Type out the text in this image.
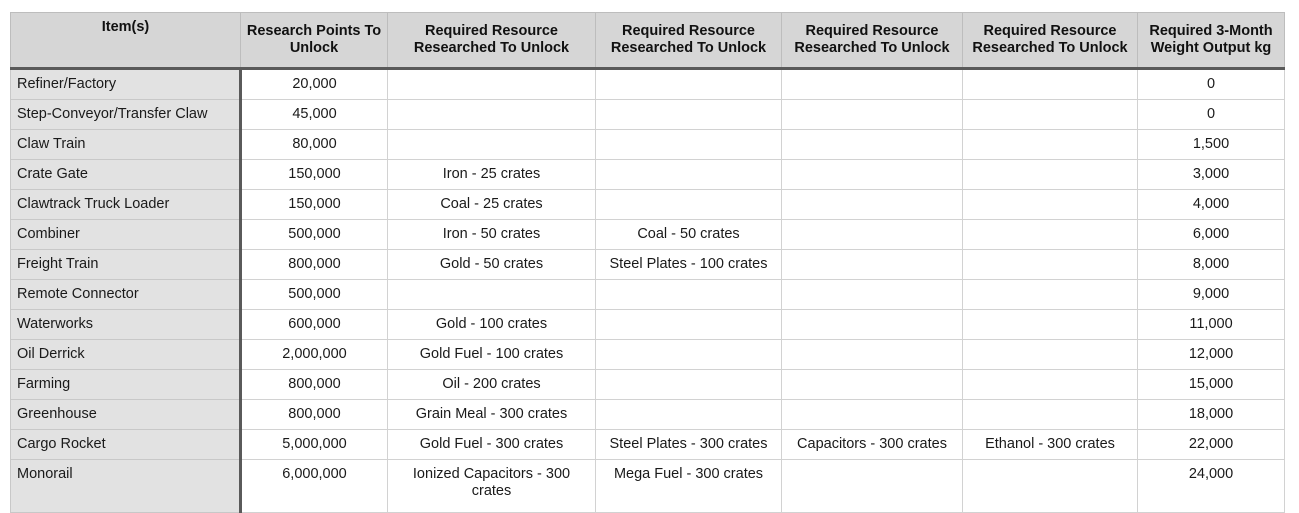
Item(s)	Research Points To Unlock	Required Resource Researched To Unlock	Required Resource Researched To Unlock	Required Resource Researched To Unlock	Required Resource Researched To Unlock	Required 3-Month Weight Output kg
Refiner/Factory	20,000					0
Step-Conveyor/Transfer Claw	45,000					0
Claw Train	80,000					1,500
Crate Gate	150,000	Iron - 25 crates				3,000
Clawtrack Truck Loader	150,000	Coal - 25 crates				4,000
Combiner	500,000	Iron - 50 crates	Coal - 50 crates			6,000
Freight Train	800,000	Gold - 50 crates	Steel Plates - 100 crates			8,000
Remote Connector	500,000					9,000
Waterworks	600,000	Gold - 100 crates				11,000
Oil Derrick	2,000,000	Gold Fuel - 100 crates				12,000
Farming	800,000	Oil - 200 crates				15,000
Greenhouse	800,000	Grain Meal - 300 crates				18,000
Cargo Rocket	5,000,000	Gold Fuel - 300 crates	Steel Plates - 300 crates	Capacitors - 300 crates	Ethanol - 300 crates	22,000
Monorail	6,000,000	Ionized Capacitors - 300 crates	Mega Fuel - 300 crates			24,000
